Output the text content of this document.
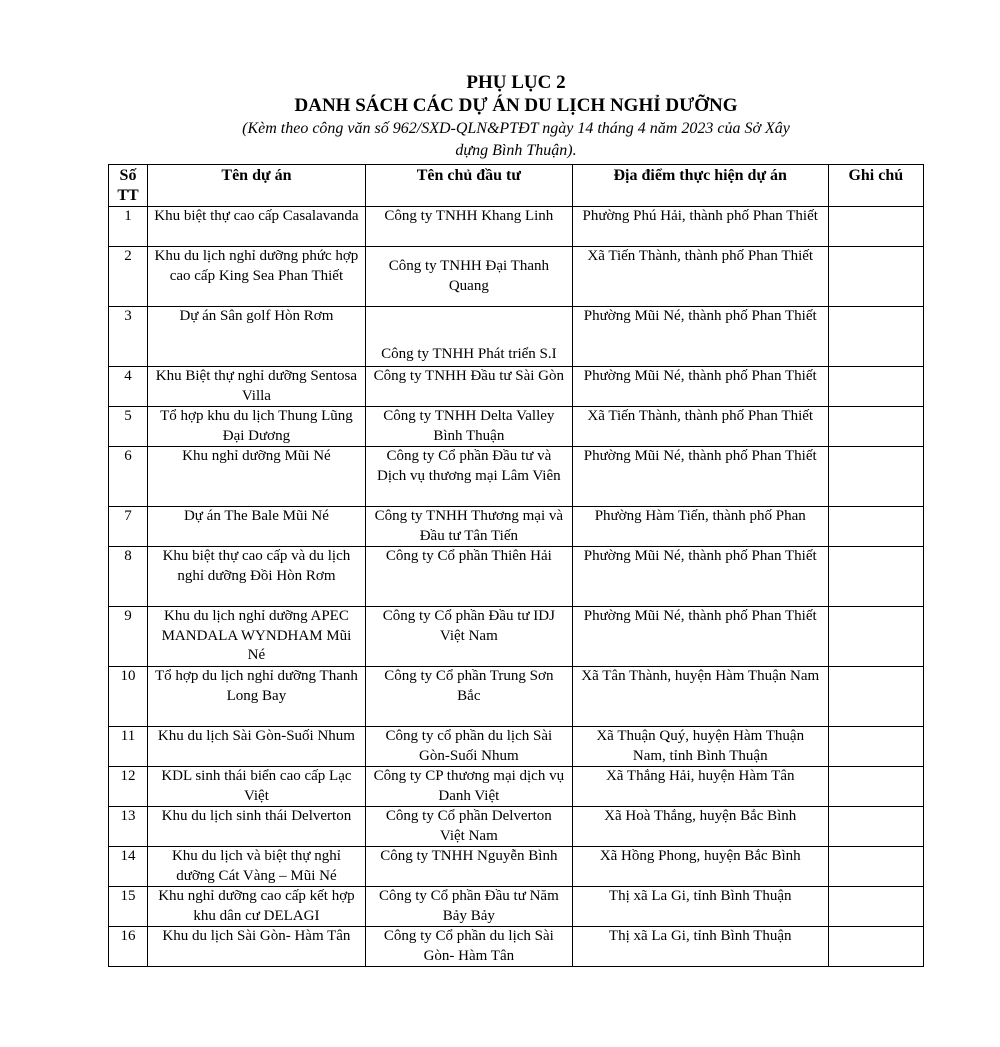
PHỤ LỤC 2
DANH SÁCH CÁC DỰ ÁN DU LỊCH NGHỈ DƯỠNG
(Kèm theo công văn số 962/SXD-QLN&PTĐT ngày 14 tháng 4 năm 2023 của Sở Xây
dựng Bình Thuận).
Số
TT	Tên dự án	Tên chủ đầu tư	Địa điểm thực hiện dự án	Ghi chú
1	Khu biệt thự cao cấp Casalavanda	Công ty TNHH Khang Linh	Phường Phú Hải, thành phố Phan Thiết	
2	Khu du lịch nghỉ dưỡng phức hợp cao cấp King Sea Phan Thiết	Công ty TNHH Đại Thanh Quang	Xã Tiến Thành, thành phố Phan Thiết	
3	Dự án Sân golf Hòn Rơm	Công ty TNHH Phát triển S.I	Phường Mũi Né, thành phố Phan Thiết	
4	Khu Biệt thự nghỉ dưỡng Sentosa Villa	Công ty TNHH Đầu tư Sài Gòn	Phường Mũi Né, thành phố Phan Thiết	
5	Tổ hợp khu du lịch Thung Lũng Đại Dương	Công ty TNHH Delta Valley Bình Thuận	Xã Tiến Thành, thành phố Phan Thiết	
6	Khu nghỉ dưỡng Mũi Né	Công ty Cổ phần Đầu tư và Dịch vụ thương mại Lâm Viên	Phường Mũi Né, thành phố Phan Thiết	
7	Dự án The Bale Mũi Né	Công ty TNHH Thương mại và Đầu tư Tân Tiến	Phường Hàm Tiến, thành phố Phan	
8	Khu biệt thự cao cấp và du lịch nghỉ dưỡng Đồi Hòn Rơm	Công ty Cổ phần Thiên Hải	Phường Mũi Né, thành phố Phan Thiết	
9	Khu du lịch nghỉ dưỡng APEC MANDALA WYNDHAM Mũi Né	Công ty Cổ phần Đầu tư IDJ Việt Nam	Phường Mũi Né, thành phố Phan Thiết	
10	Tổ hợp du lịch nghỉ dưỡng Thanh Long Bay	Công ty Cổ phần Trung Sơn Bắc	Xã Tân Thành, huyện Hàm Thuận Nam	
11	Khu du lịch Sài Gòn-Suối Nhum	Công ty cổ phần du lịch Sài Gòn-Suối Nhum	Xã Thuận Quý, huyện Hàm Thuận Nam, tỉnh Bình Thuận	
12	KDL sinh thái biển cao cấp Lạc Việt	Công ty CP thương mại dịch vụ Danh Việt	Xã Thắng Hải, huyện Hàm Tân	
13	Khu du lịch sinh thái Delverton	Công ty Cổ phần Delverton Việt Nam	Xã Hoà Thắng, huyện Bắc Bình	
14	Khu du lịch và biệt thự nghỉ dưỡng Cát Vàng – Mũi Né	Công ty TNHH Nguyễn Bình	Xã Hồng Phong, huyện Bắc Bình	
15	Khu nghỉ dưỡng cao cấp kết hợp khu dân cư DELAGI	Công ty Cổ phần Đầu tư Năm Bảy Bảy	Thị xã La Gi, tỉnh Bình Thuận	
16	Khu du lịch Sài Gòn- Hàm Tân	Công ty Cổ phần du lịch Sài Gòn- Hàm Tân	Thị xã La Gi, tỉnh Bình Thuận	
